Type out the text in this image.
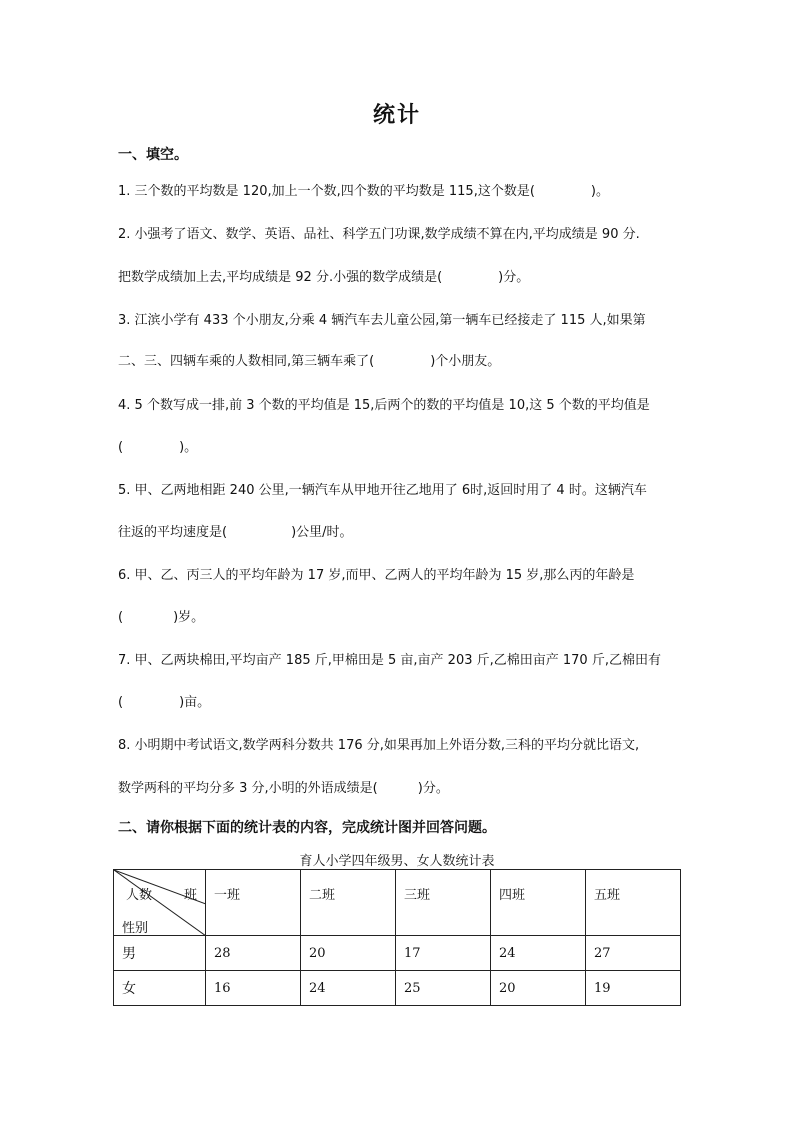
统计
一、填空。
1. 三个数的平均数是 120,加上一个数,四个数的平均数是 115,这个数是(	)。
2. 小强考了语文、数学、英语、品社、科学五门功课,数学成绩不算在内,平均成绩是 90 分.
把数学成绩加上去,平均成绩是 92 分.小强的数学成绩是(	)分。
3. 江滨小学有 433 个小朋友,分乘 4 辆汽车去儿童公园,第一辆车已经接走了 115 人,如果第
二、三、四辆车乘的人数相同,第三辆车乘了(	)个小朋友。
4. 5 个数写成一排,前 3 个数的平均值是 15,后两个的数的平均值是 10,这 5 个数的平均值是
(	)。
5. 甲、乙两地相距 240 公里,一辆汽车从甲地开往乙地用了 6时,返回时用了 4 时。这辆汽车
往返的平均速度是(	)公里/时。
6. 甲、乙、丙三人的平均年龄为 17 岁,而甲、乙两人的平均年龄为 15 岁,那么丙的年龄是
(	)岁。
7. 甲、乙两块棉田,平均亩产 185 斤,甲棉田是 5 亩,亩产 203 斤,乙棉田亩产 170 斤,乙棉田有
(	)亩。
8. 小明期中考试语文,数学两科分数共 176 分,如果再加上外语分数,三科的平均分就比语文,
数学两科的平均分多 3 分,小明的外语成绩是(	)分。
二、请你根据下面的统计表的内容，完成统计图并回答问题。
育人小学四年级男、女人数统计表
人数 班
性别	一班	二班	三班	四班	五班
男	28	20	17	24	27
女	16	24	25	20	19
